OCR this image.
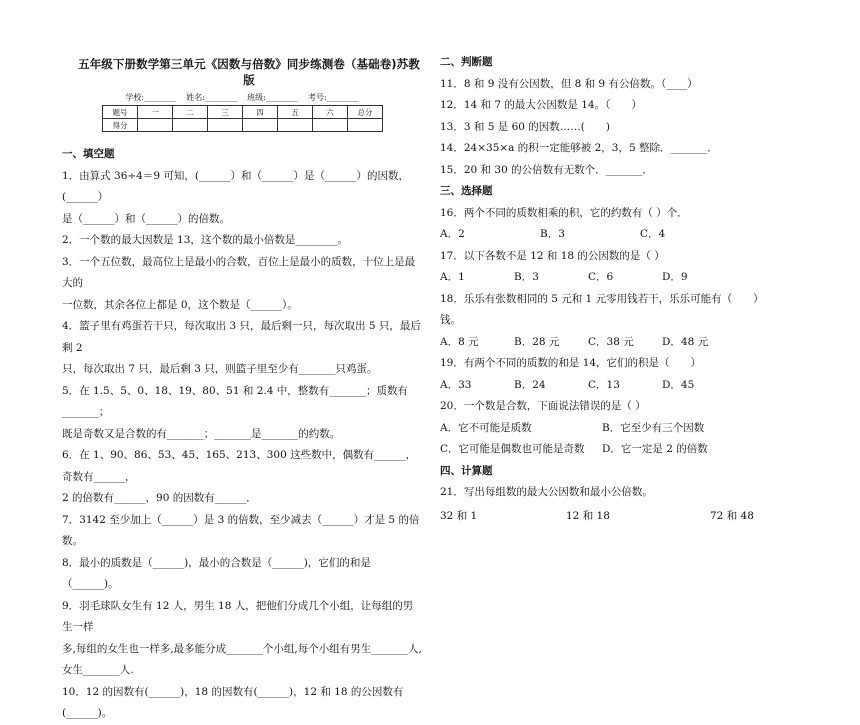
五年级下册数学第三单元《因数与倍数》同步练测卷（基础卷)苏教版
学校:________ 姓名:________ 班级:________ 考号:________
题号	一	二	三	四	五	六	总分
得分							

一、填空题

1．由算式 36÷4＝9 可知，(______）和（______）是（______）的因数，(______）

是（______）和（______）的倍数。

2．一个数的最大因数是 13，这个数的最小倍数是________。

3．一个五位数，最高位上是最小的合数，百位上是最小的质数，十位上是最大的

一位数，其余各位上都是 0，这个数是（______）。

4．篮子里有鸡蛋若干只，每次取出 3 只，最后剩一只，每次取出 5 只，最后剩 2

只，每次取出 7 只，最后剩 3 只，则篮子里至少有_______只鸡蛋。

5．在 1.5、5、0、18、19、80、51 和 2.4 中，整数有_______；质数有_______；

既是奇数又是合数的有_______；_______是_______的约数。

6．在 1、90、86、53、45、165、213、300 这些数中，偶数有______，奇数有______，

2 的倍数有______，90 的因数有______．

7．3142 至少加上（______）是 3 的倍数，至少减去（______）才是 5 的倍数。

8．最小的质数是（______)，最小的合数是（______)，它们的和是（______)。

9．羽毛球队女生有 12 人，男生 18 人，把他们分成几个小组，让每组的男生一样

多,每组的女生也一样多,最多能分成_______个小组,每个小组有男生_______人,

女生_______人.

10．12 的因数有(______)，18 的因数有(______)，12 和 18 的公因数有(______)。

二、判断题

11．8 和 9 没有公因数，但 8 和 9 有公倍数。（____）

12．14 和 7 的最大公因数是 14。（　　）

13．3 和 5 是 60 的因数……(　　)

14．24×35×a 的积一定能够被 2，3，5 整除．_______．

15．20 和 30 的公倍数有无数个．_______．

三、选择题

16．两个不同的质数相乘的积，它的约数有（ ）个．

A．2	B．3	C．4

17．以下各数不是 12 和 18 的公因数的是（ ）

A．1	B．3	C．6	D．9

18．乐乐有张数相同的 5 元和 1 元零用钱若干，乐乐可能有（　　）钱。

A．8 元	B．28 元	C．38 元	D．48 元

19．有两个不同的质数的和是 14，它们的积是（　　）

A．33	B．24	C．13	D．45

20．一个数是合数，下面说法错误的是（ ）

A．它不可能是质数	B．它至少有三个因数
C．它可能是偶数也可能是奇数	D．它一定是 2 的倍数

四、计算题

21．写出每组数的最大公因数和最小公倍数。

32 和 1	12 和 18	72 和 48
